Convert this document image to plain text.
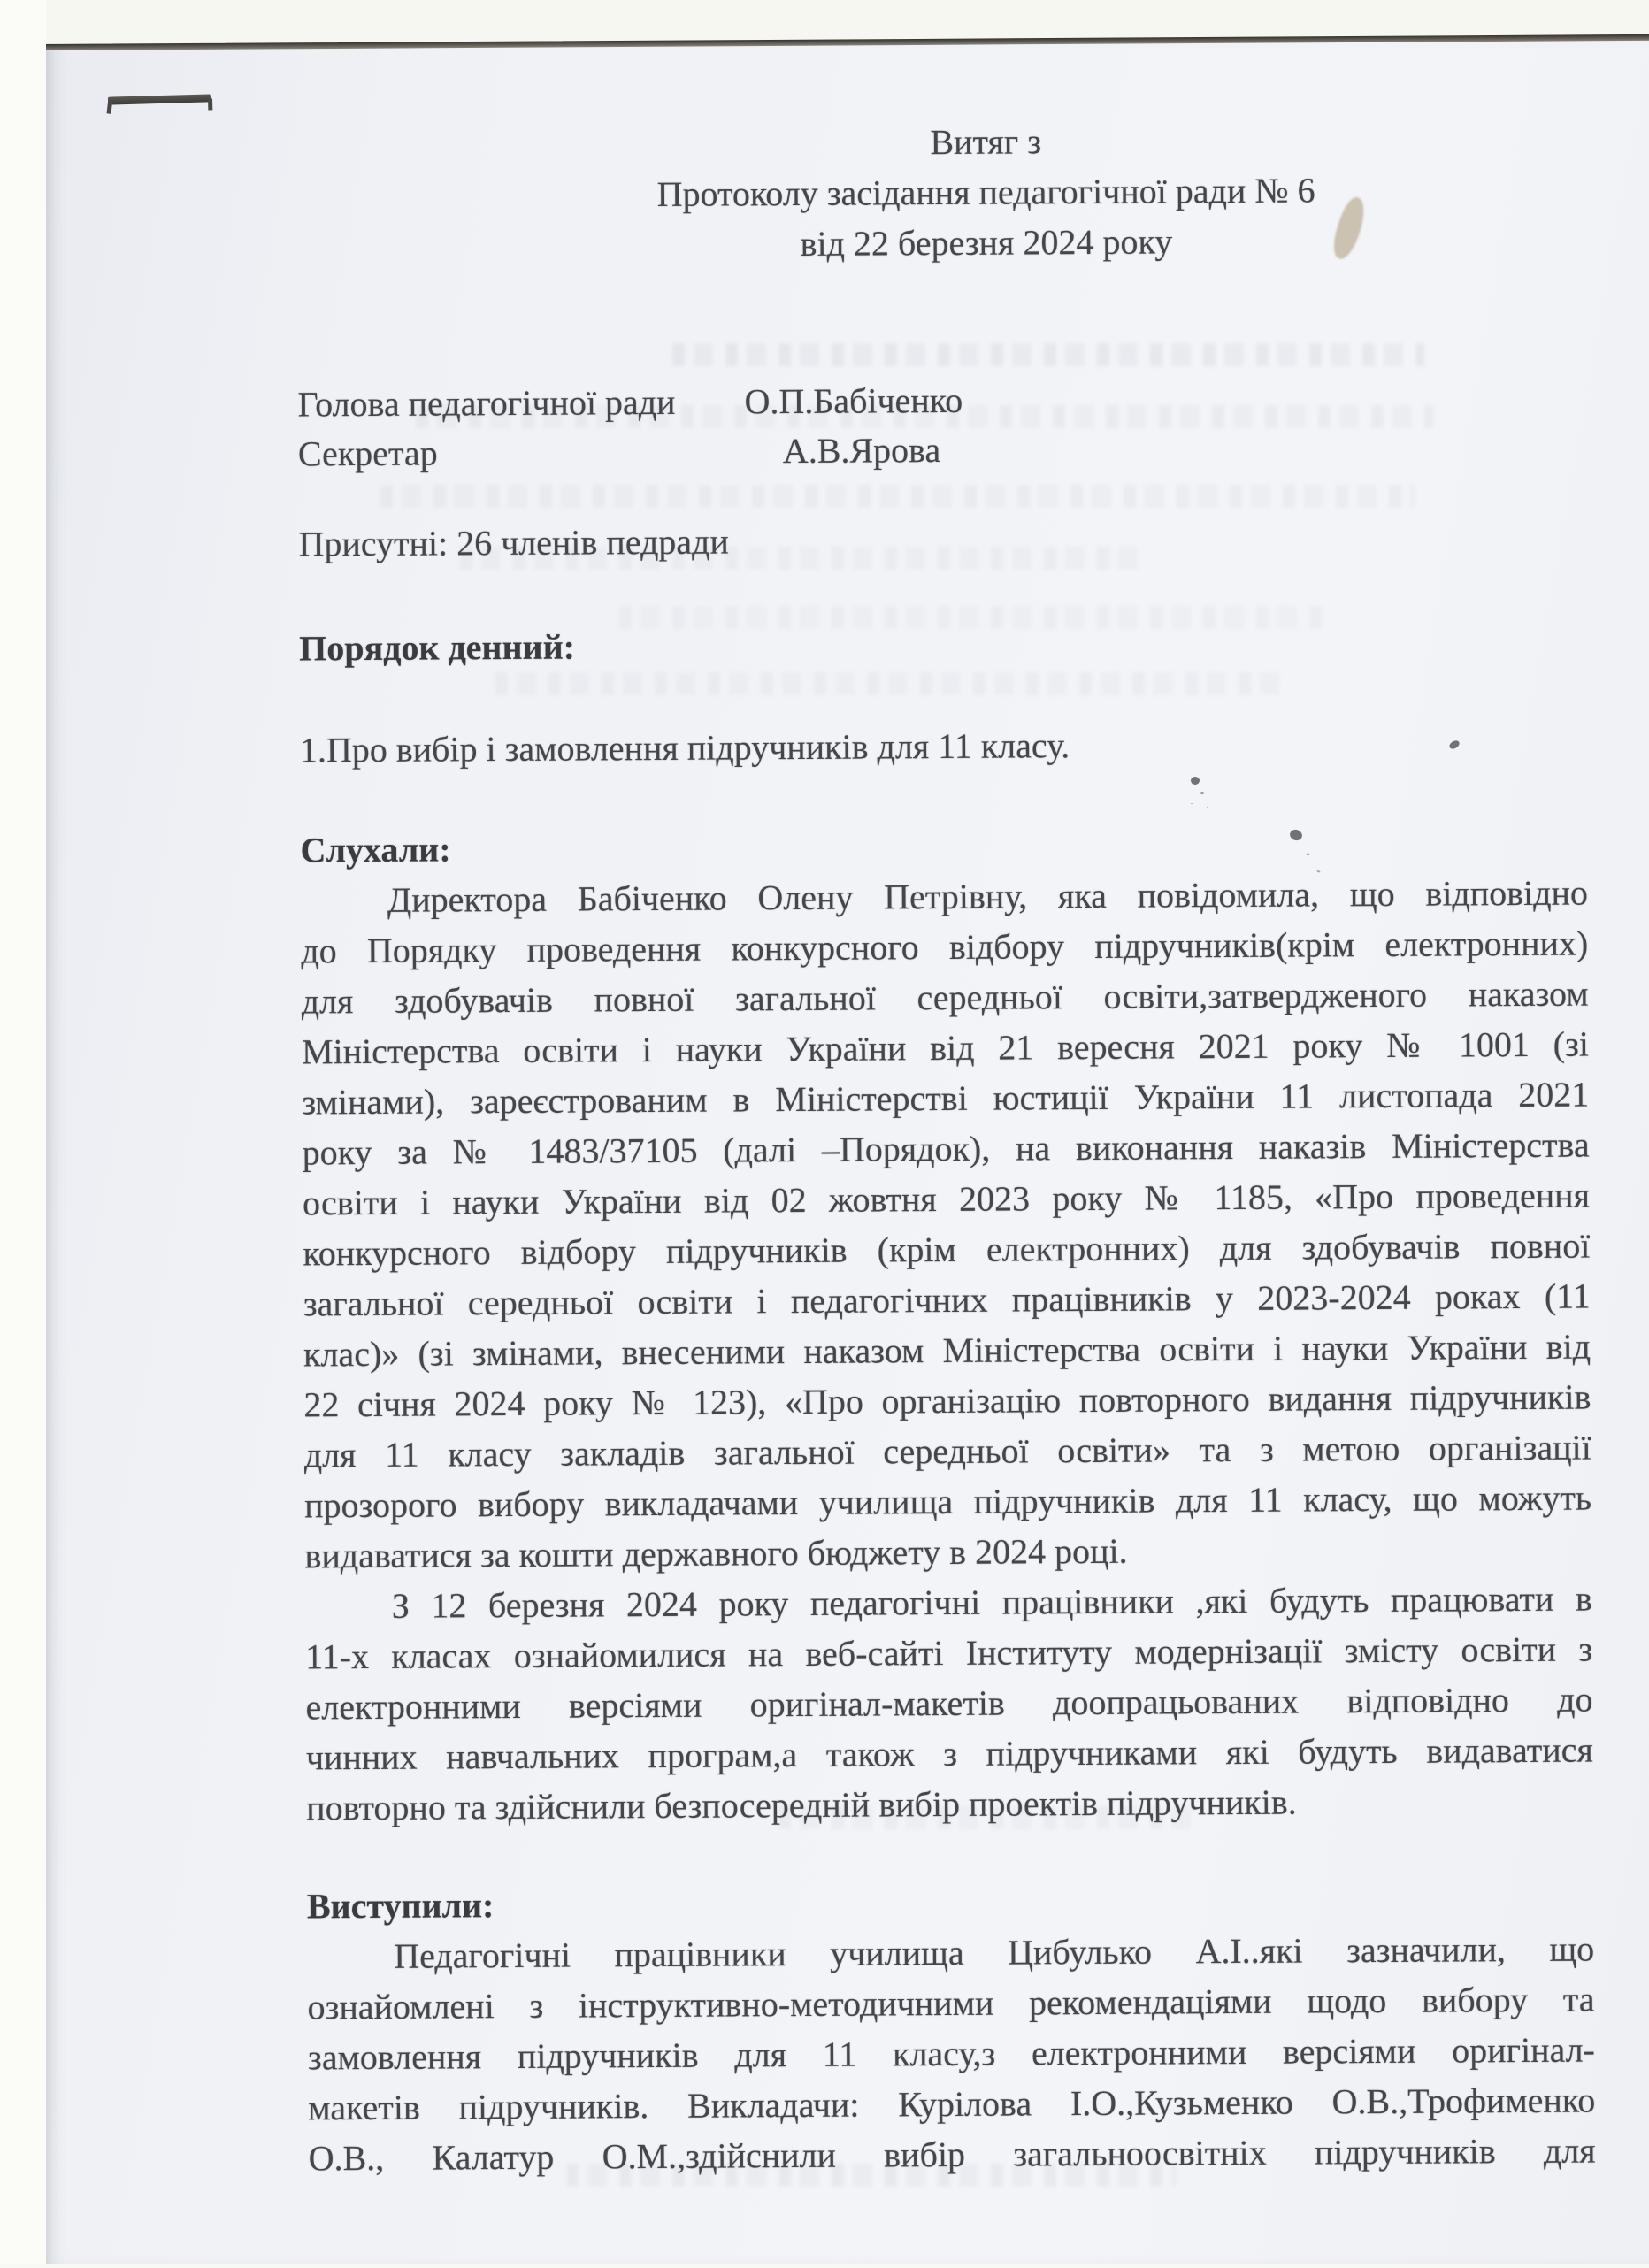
Витяг з
Протоколу засідання педагогічної ради № 6
від 22 березня 2024 року
Голова педагогічної ради О.П.Бабіченко
Секретар	А.В.Ярова
Присутні: 26 членів педради
Порядок денний:
1.Про вибір і замовлення підручників для 11 класу.
Слухали:
Директора Бабіченко Олену Петрівну, яка повідомила, що відповідно
до Порядку проведення конкурсного відбору підручників(крім електронних)
для здобувачів повної загальної середньої освіти,затвердженого наказом
Міністерства освіти і науки України від 21 вересня 2021 року № 1001 (зі
змінами), зареєстрованим в Міністерстві юстиції України 11 листопада 2021
року за № 1483/37105 (далі –Порядок), на виконання наказів Міністерства
освіти і науки України від 02 жовтня 2023 року № 1185, «Про проведення
конкурсного відбору підручників (крім електронних) для здобувачів повної
загальної середньої освіти і педагогічних працівників у 2023-2024 роках (11
клас)» (зі змінами, внесеними наказом Міністерства освіти і науки України від
22 січня 2024 року № 123), «Про організацію повторного видання підручників
для 11 класу закладів загальної середньої освіти» та з метою організації
прозорого вибору викладачами училища підручників для 11 класу, що можуть
видаватися за кошти державного бюджету в 2024 році.
З 12 березня 2024 року педагогічні працівники ,які будуть працювати в
11-х класах ознайомилися на веб-сайті Інституту модернізації змісту освіти з
електронними версіями оригінал-макетів доопрацьованих відповідно до
чинних навчальних програм,а також з підручниками які будуть видаватися
повторно та здійснили безпосередній вибір проектів підручників.
Виступили:
Педагогічні працівники училища Цибулько А.І..які зазначили, що
ознайомлені з інструктивно-методичними рекомендаціями щодо вибору та
замовлення підручників для 11 класу,з електронними версіями оригінал-
макетів підручників. Викладачи: Курілова І.О.,Кузьменко О.В.,Трофименко
О.В., Калатур О.М.,здійснили вибір загальноосвітніх підручників для
